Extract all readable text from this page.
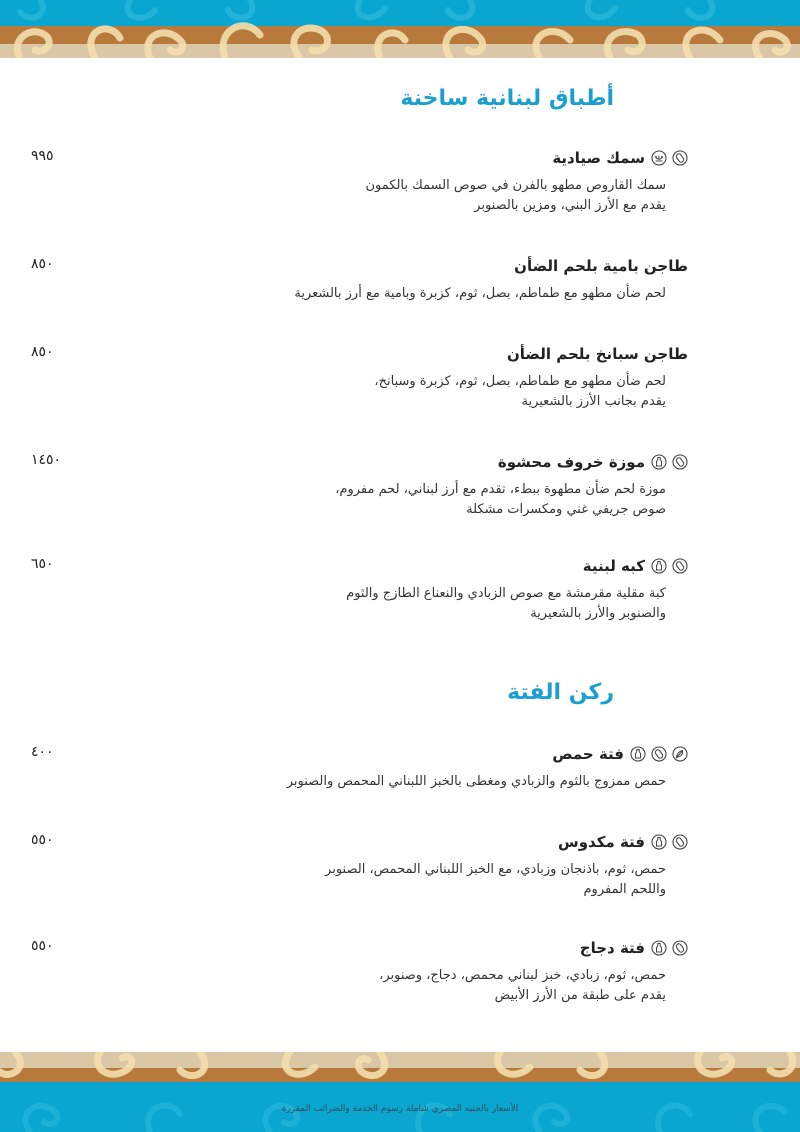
أطباق لبنانية ساخنة
سمك صيادية
سمك القاروص مطهو بالفرن في صوص السمك بالكمون
يقدم مع الأرز البني، ومزين بالصنوبر
٩٩٥
طاجن بامية بلحم الضأن
لحم ضأن مطهو مع طماطم، بصل، ثوم، كزبرة وبامية مع أرز بالشعرية
٨٥٠
طاجن سبانخ بلحم الضأن
لحم ضأن مطهو مع طماطم، بصل، ثوم، كزبرة وسبانخ،
يقدم بجانب الأرز بالشعيرية
٨٥٠
موزة خروف محشوة
موزة لحم ضأن مطهوة ببطء، تقدم مع أرز لبناني، لحم مفروم،
صوص جريفي غني ومكسرات مشكلة
١٤٥٠
كبه لبنية
كبة مقلية مقرمشة مع صوص الزبادي والنعناع الطازج والثوم
والصنوبر والأرز بالشعيرية
٦٥٠
ركن الفتة
فتة حمص
حمص ممزوج بالثوم والزبادي ومغطى بالخبز اللبناني المحمص والصنوبر
٤٠٠
فتة مكدوس
حمص، ثوم، باذنجان وزبادي، مع الخبز اللبناني المحمص، الصنوبر
واللحم المفروم
٥٥٠
فتة دجاج
حمص، ثوم، زبادي، خبز لبناني محمص، دجاج، وصنوبر،
يقدم على طبقة من الأرز الأبيض
٥٥٠
الأسعار بالجنيه المصري شاملة رسوم الخدمة والضرائب المقررة
